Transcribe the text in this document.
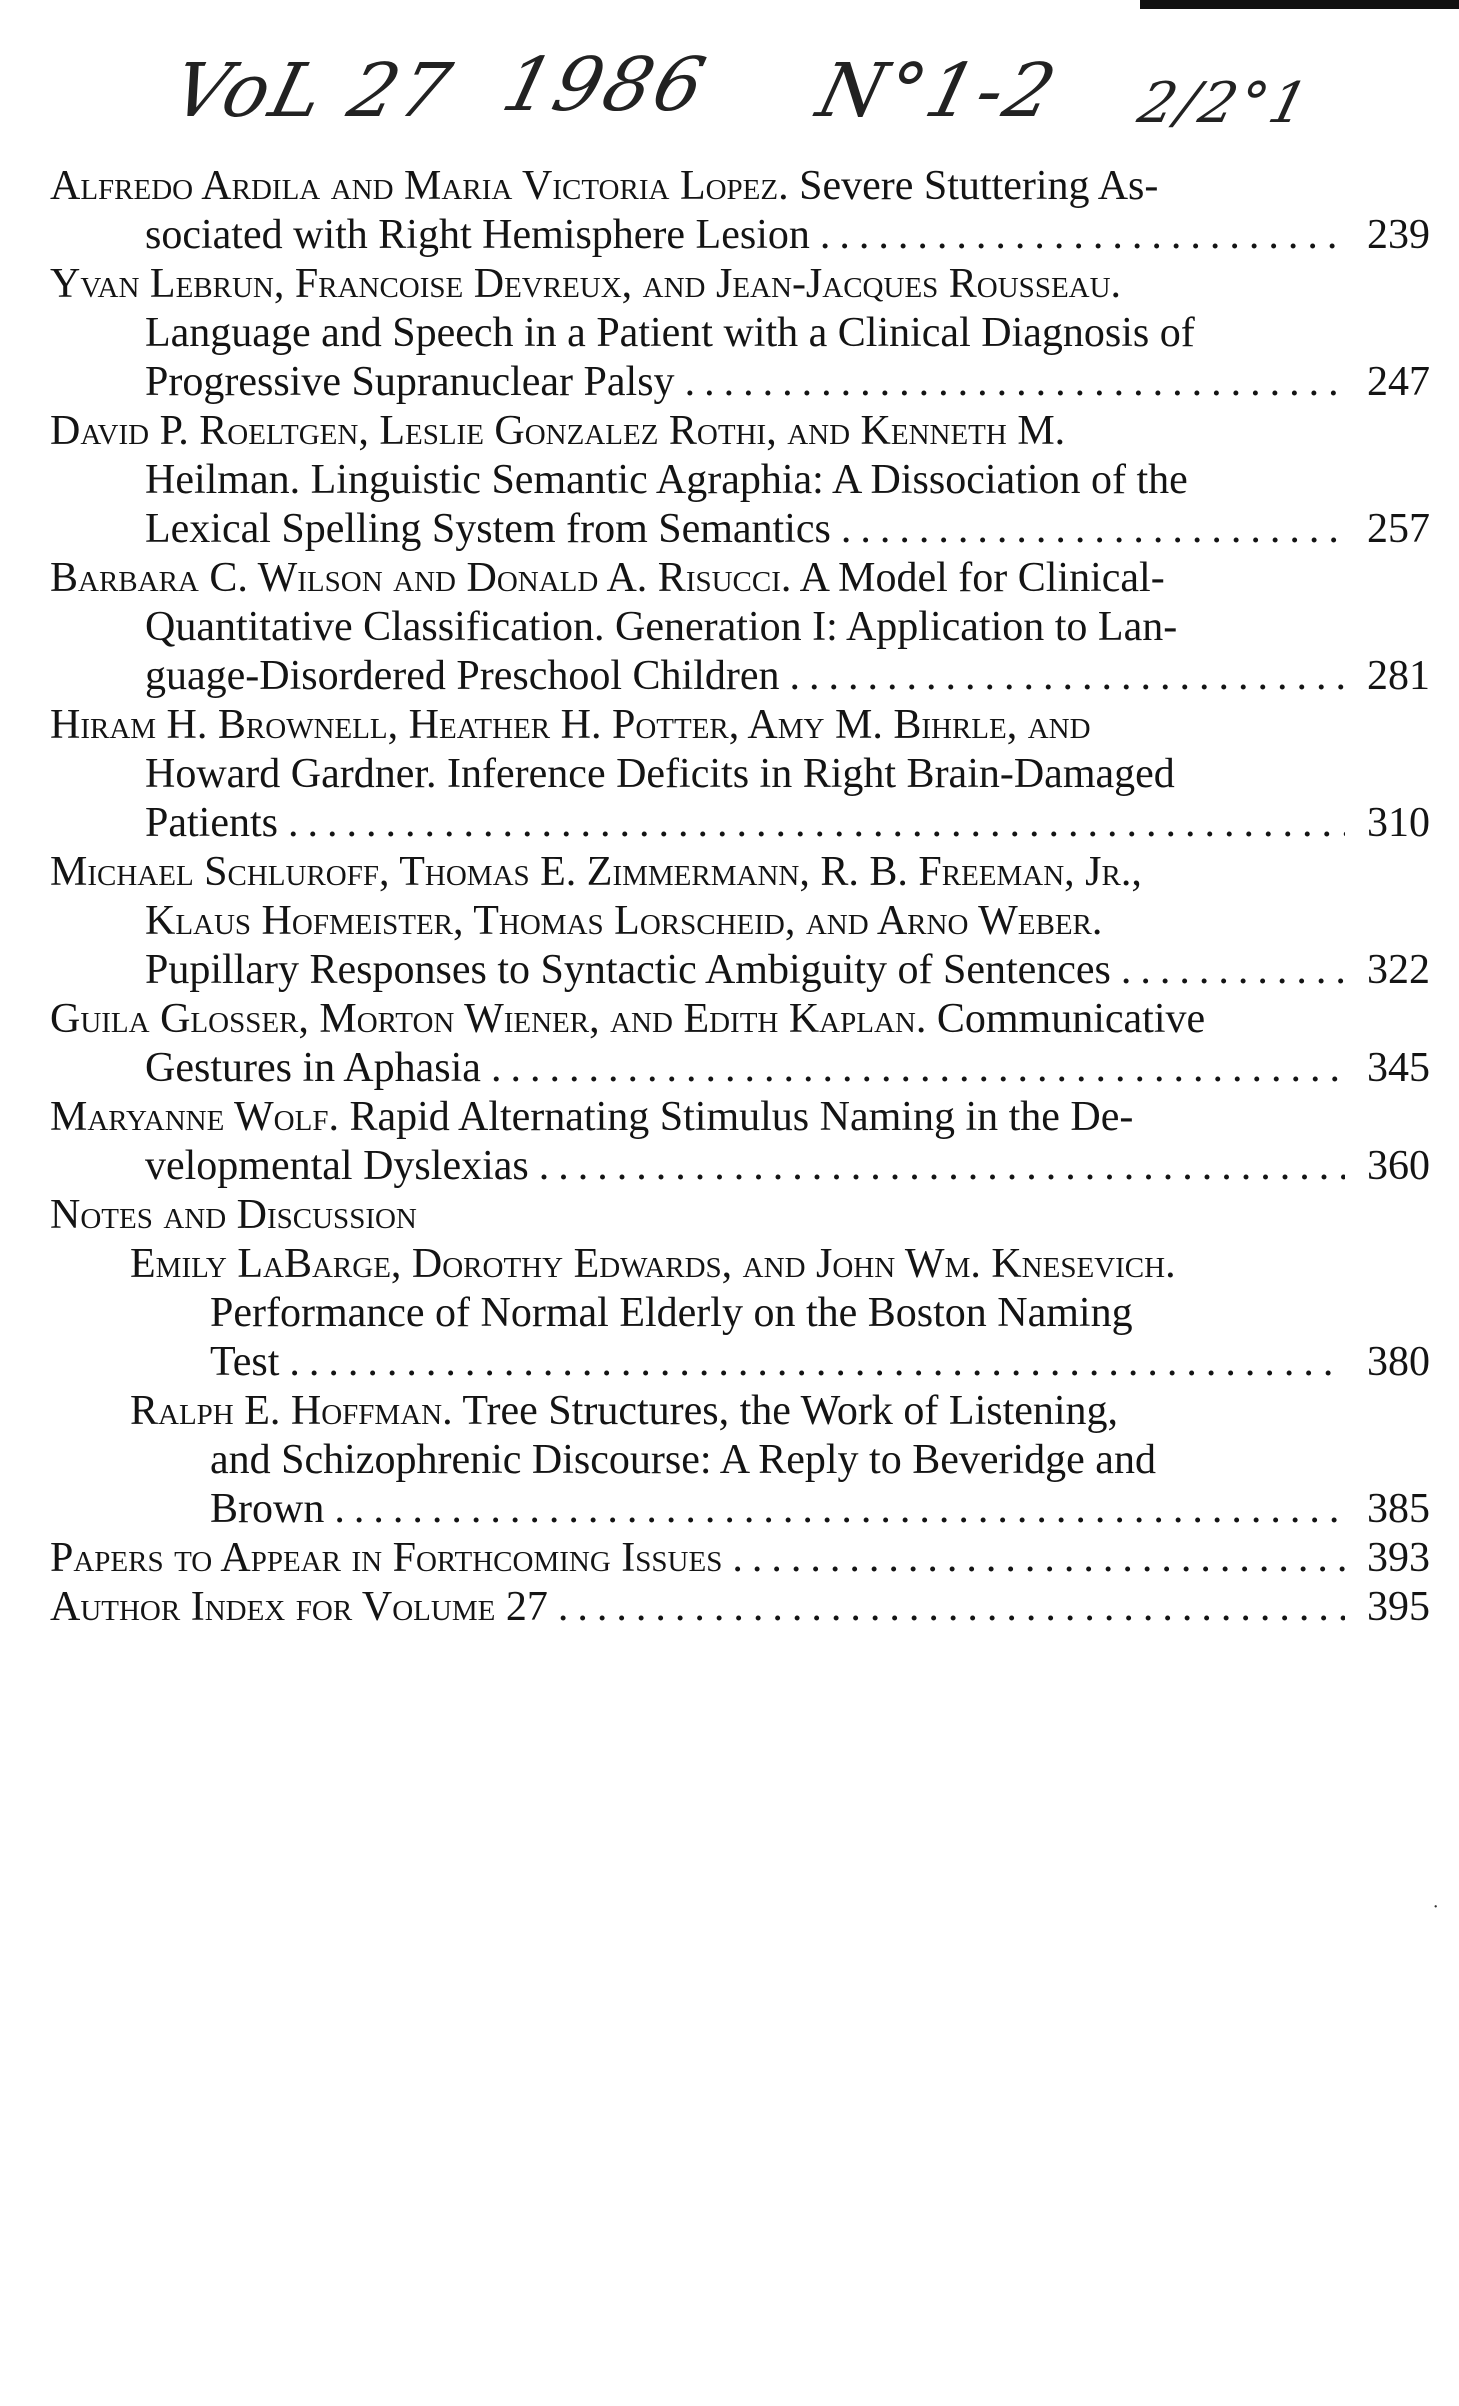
VoL 27 1986 N°1-2 2/2°1
Alfredo Ardila and Maria Victoria Lopez. Severe Stuttering As-
sociated with Right Hemisphere Lesion .....	239
Yvan Lebrun, Francoise Devreux, and Jean-Jacques Rousseau.
Language and Speech in a Patient with a Clinical Diagnosis of
Progressive Supranuclear Palsy .....	247
David P. Roeltgen, Leslie Gonzalez Rothi, and Kenneth M.
Heilman. Linguistic Semantic Agraphia: A Dissociation of the
Lexical Spelling System from Semantics .....	257
Barbara C. Wilson and Donald A. Risucci. A Model for Clinical-
Quantitative Classification. Generation I: Application to Lan-
guage-Disordered Preschool Children .....	281
Hiram H. Brownell, Heather H. Potter, Amy M. Bihrle, and
Howard Gardner. Inference Deficits in Right Brain-Damaged
Patients .....	310
Michael Schluroff, Thomas E. Zimmermann, R. B. Freeman, Jr.,
Klaus Hofmeister, Thomas Lorscheid, and Arno Weber.
Pupillary Responses to Syntactic Ambiguity of Sentences .....	322
Guila Glosser, Morton Wiener, and Edith Kaplan. Communicative
Gestures in Aphasia .....	345
Maryanne Wolf. Rapid Alternating Stimulus Naming in the De-
velopmental Dyslexias .....	360
Notes and Discussion
Emily LaBarge, Dorothy Edwards, and John Wm. Knesevich.
Performance of Normal Elderly on the Boston Naming
Test .....	380
Ralph E. Hoffman. Tree Structures, the Work of Listening,
and Schizophrenic Discourse: A Reply to Beveridge and
Brown .....	385
Papers to Appear in Forthcoming Issues .....	393
Author Index for Volume 27 .....	395
˙
